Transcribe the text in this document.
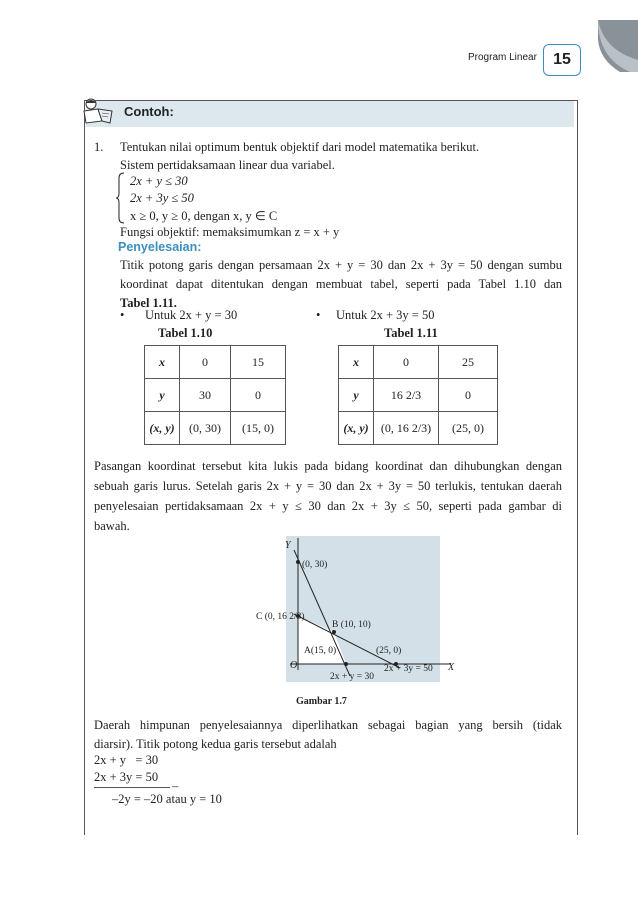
Program Linear	15
Contoh:
1. Tentukan nilai optimum bentuk objektif dari model matematika berikut.
Sistem pertidaksamaan linear dua variabel.
2x + y ≤ 30
2x + 3y ≤ 50
x ≥ 0, y ≥ 0, dengan x, y ∈ C
Fungsi objektif: memaksimumkan z = x + y
Penyelesaian:
Titik potong garis dengan persamaan 2x + y = 30 dan 2x + 3y = 50 dengan sumbu
koordinat dapat ditentukan dengan membuat tabel, seperti pada Tabel 1.10 dan
Tabel 1.11.
• Untuk 2x + y = 30	• Untuk 2x + 3y = 50
Tabel 1.10	Tabel 1.11
x	0	15
y	30	0
(x, y)	(0, 30)	(15, 0)
x	0	25
y	16 2/3	0
(x, y)	(0, 16 2/3)	(25, 0)
Pasangan koordinat tersebut kita lukis pada bidang koordinat dan dihubungkan dengan
sebuah garis lurus. Setelah garis 2x + y = 30 dan 2x + 3y = 50 terlukis, tentukan daerah
penyelesaian pertidaksamaan 2x + y ≤ 30 dan 2x + 3y ≤ 50, seperti pada gambar di
bawah.
Y
X
O
(0, 30)
C (0, 16 2/3)
B (10, 10)
A(15, 0)	(25, 0)
2x + y = 30
2x + 3y = 50
Gambar 1.7
Daerah himpunan penyelesaiannya diperlihatkan sebagai bagian yang bersih (tidak
diarsir). Titik potong kedua garis tersebut adalah
2x + y   = 30
2x + 3y = 50
–
–2y = –20 atau y = 10
